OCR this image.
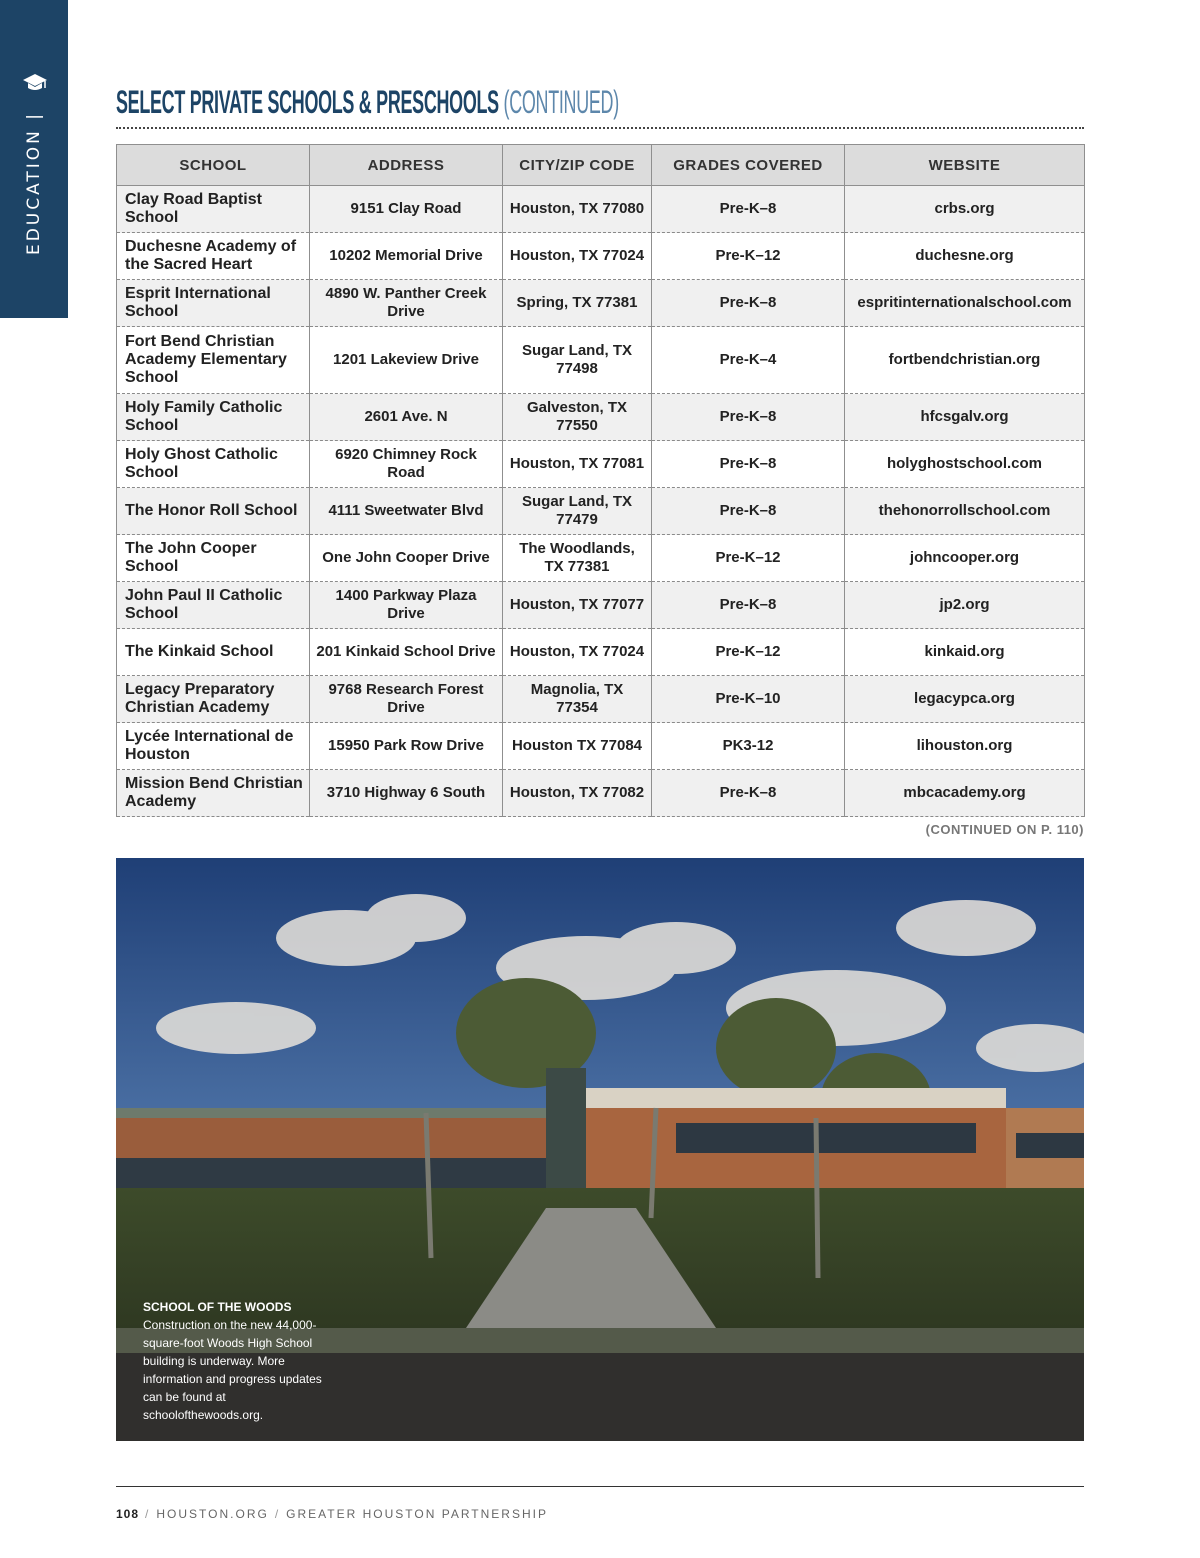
EDUCATION | SELECT PRIVATE SCHOOLS & PRESCHOOLS (CONTINUED)
SCHOOL	ADDRESS	CITY/ZIP CODE	GRADES COVERED	WEBSITE
Clay Road Baptist School	9151 Clay Road	Houston, TX 77080	Pre-K–8	crbs.org
Duchesne Academy of the Sacred Heart	10202 Memorial Drive	Houston, TX 77024	Pre-K–12	duchesne.org
Esprit International School	4890 W. Panther Creek Drive	Spring, TX 77381	Pre-K–8	espritinternationalschool.com
Fort Bend Christian Academy Elementary School	1201 Lakeview Drive	Sugar Land, TX 77498	Pre-K–4	fortbendchristian.org
Holy Family Catholic School	2601 Ave. N	Galveston, TX 77550	Pre-K–8	hfcsgalv.org
Holy Ghost Catholic School	6920 Chimney Rock Road	Houston, TX 77081	Pre-K–8	holyghostschool.com
The Honor Roll School	4111 Sweetwater Blvd	Sugar Land, TX 77479	Pre-K–8	thehonorrollschool.com
The John Cooper School	One John Cooper Drive	The Woodlands, TX 77381	Pre-K–12	johncooper.org
John Paul II Catholic School	1400 Parkway Plaza Drive	Houston, TX 77077	Pre-K–8	jp2.org
The Kinkaid School	201 Kinkaid School Drive	Houston, TX 77024	Pre-K–12	kinkaid.org
Legacy Preparatory Christian Academy	9768 Research Forest Drive	Magnolia, TX 77354	Pre-K–10	legacypca.org
Lycée International de Houston	15950 Park Row Drive	Houston TX 77084	PK3-12	lihouston.org
Mission Bend Christian Academy	3710 Highway 6 South	Houston, TX 77082	Pre-K–8	mbcacademy.org
(CONTINUED ON P. 110)
SCHOOL OF THE WOODS
Construction on the new 44,000-square-foot Woods High School building is underway. More information and progress updates can be found at schoolofthewoods.org.
108 / HOUSTON.ORG / GREATER HOUSTON PARTNERSHIP
